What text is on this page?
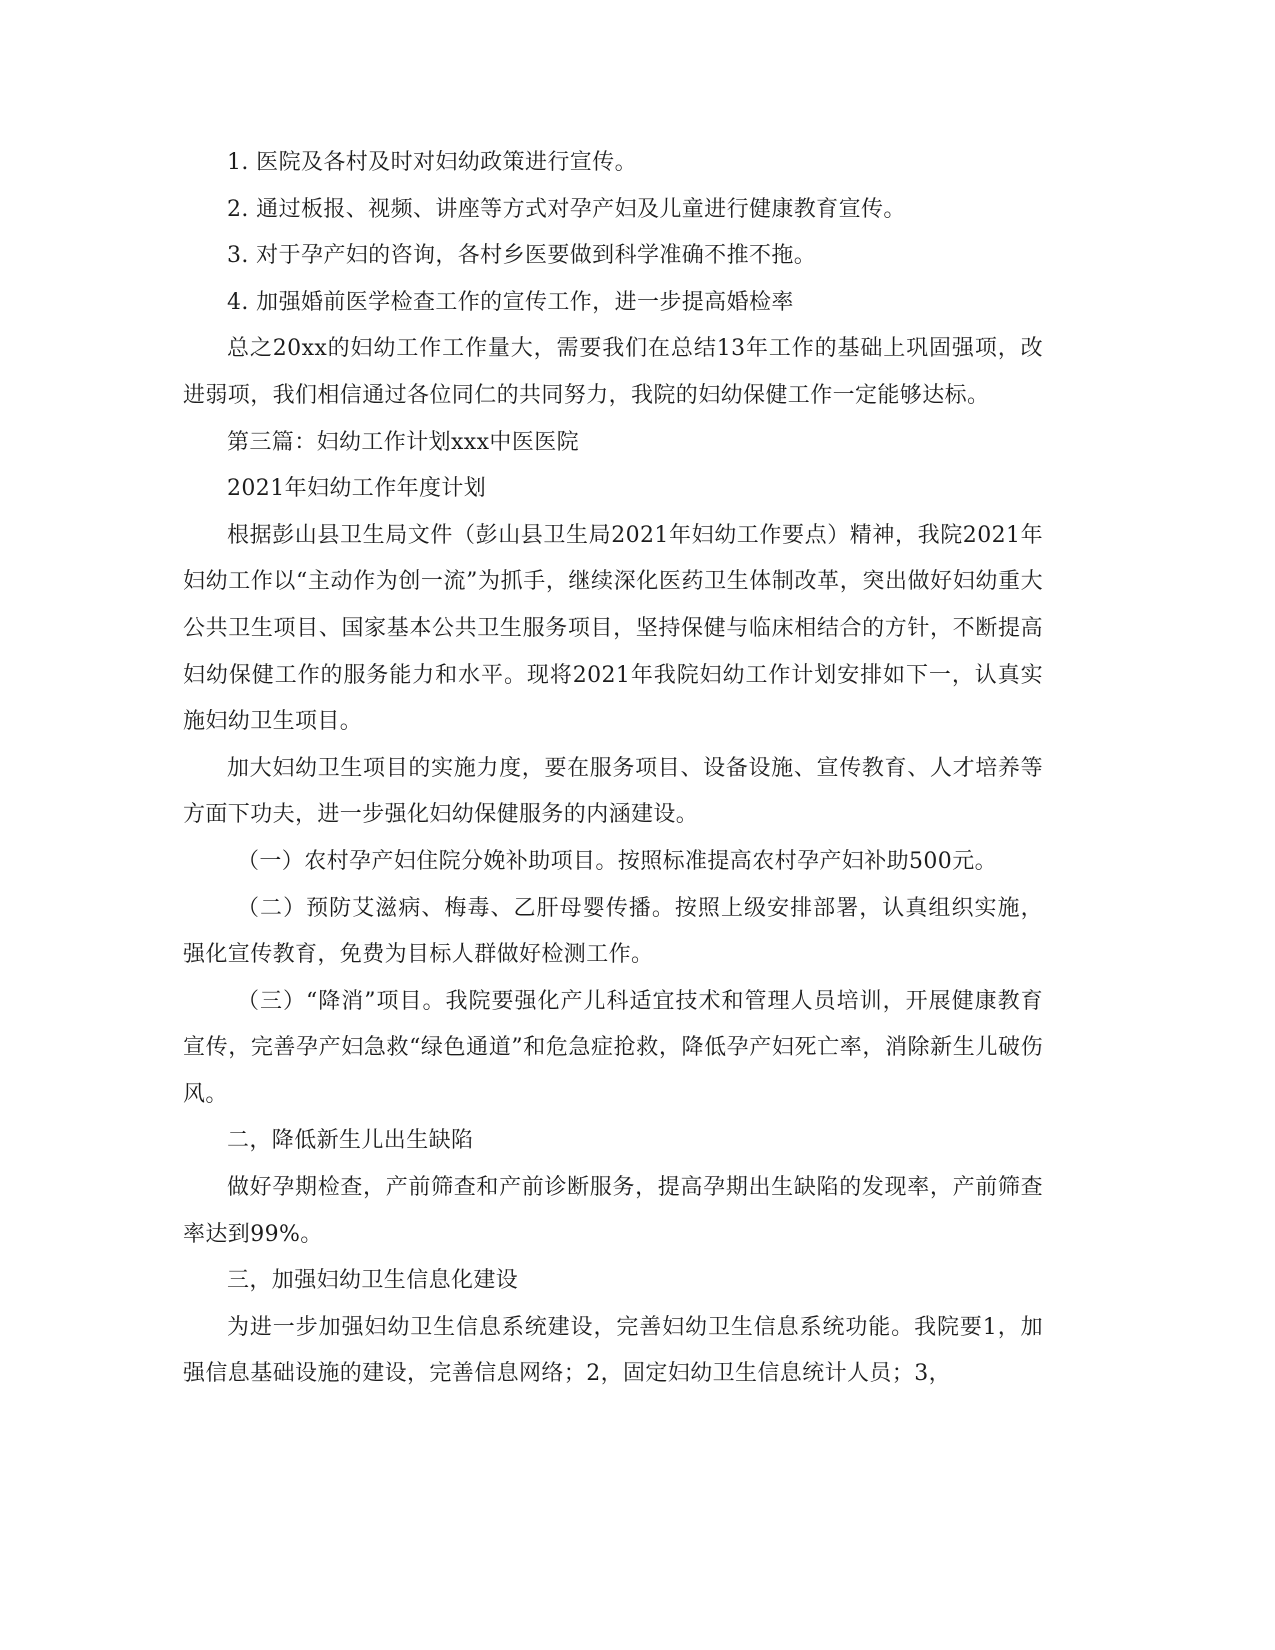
1. 医院及各村及时对妇幼政策进行宣传。

2. 通过板报、视频、讲座等方式对孕产妇及儿童进行健康教育宣传。

3. 对于孕产妇的咨询，各村乡医要做到科学准确不推不拖。

4. 加强婚前医学检查工作的宣传工作，进一步提高婚检率

总之20xx的妇幼工作工作量大，需要我们在总结13年工作的基础上巩固强项，改进弱项，我们相信通过各位同仁的共同努力，我院的妇幼保健工作一定能够达标。

第三篇：妇幼工作计划xxx中医医院

2021年妇幼工作年度计划

根据彭山县卫生局文件（彭山县卫生局2021年妇幼工作要点）精神，我院2021年妇幼工作以“主动作为创一流”为抓手，继续深化医药卫生体制改革，突出做好妇幼重大公共卫生项目、国家基本公共卫生服务项目，坚持保健与临床相结合的方针，不断提高妇幼保健工作的服务能力和水平。现将2021年我院妇幼工作计划安排如下一，认真实施妇幼卫生项目。

加大妇幼卫生项目的实施力度，要在服务项目、设备设施、宣传教育、人才培养等方面下功夫，进一步强化妇幼保健服务的内涵建设。

（一）农村孕产妇住院分娩补助项目。按照标准提高农村孕产妇补助500元。

（二）预防艾滋病、梅毒、乙肝母婴传播。按照上级安排部署，认真组织实施，强化宣传教育，免费为目标人群做好检测工作。

（三）“降消”项目。我院要强化产儿科适宜技术和管理人员培训，开展健康教育宣传，完善孕产妇急救“绿色通道”和危急症抢救，降低孕产妇死亡率，消除新生儿破伤风。

二，降低新生儿出生缺陷

做好孕期检查，产前筛查和产前诊断服务，提高孕期出生缺陷的发现率，产前筛查率达到99%。

三，加强妇幼卫生信息化建设

为进一步加强妇幼卫生信息系统建设，完善妇幼卫生信息系统功能。我院要1，加强信息基础设施的建设，完善信息网络；2，固定妇幼卫生信息统计人员；3，
